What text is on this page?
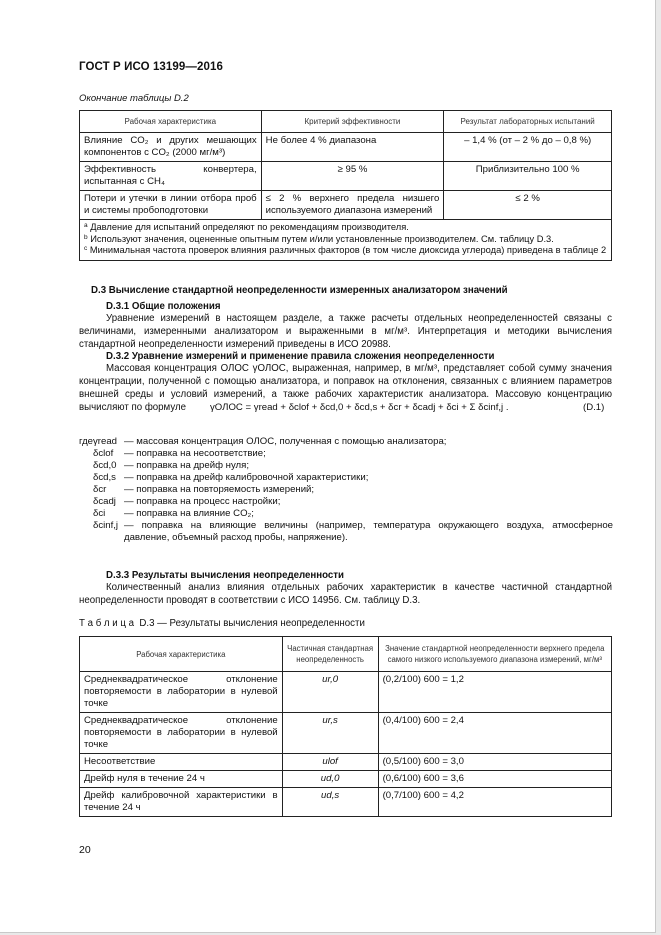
ГОСТ Р ИСО 13199—2016
Окончание таблицы D.2
Рабочая характеристика	Критерий эффективности	Результат лабораторных испытаний
Влияние CO₂ и других мешающих компонентов c CO₂ (2000 мг/м³)	Не более 4 % диапазона	– 1,4 % (от – 2 % до – 0,8 %)
Эффективность конвертера, испытанная с CH₄	≥ 95 %	Приблизительно 100 %
Потери и утечки в линии отбора проб и системы пробоподготовки	≤ 2 % верхнего предела низшего используемого диапазона измерений	≤ 2 %

$^a$ Давление для испытаний определяют по рекомендациям производителя.
$^b$ Используют значения, оцененные опытным путем и/или установленные производителем. См. таблицу D.3.
$^c$ Минимальная частота проверок влияния различных факторов (в том числе диоксида углерода) приведена в таблице 2		
D.3 Вычисление стандартной неопределенности измеренных анализатором значений
D.3.1 Общие положения
Уравнение измерений в настоящем разделе, а также расчеты отдельных неопределенностей связаны с величинами, измеренными анализатором и выраженными в мг/м³. Интерпретация и методики вычисления стандартной неопределенности измерений приведены в ИСО 20988.
D.3.2 Уравнение измерений и применение правила сложения неопределенности
Массовая концентрация ОЛОС γОЛОС, выраженная, например, в мг/м³, представляет собой сумму значения концентрации, полученной с помощью анализатора, и поправок на отклонения, связанных с влиянием параметров внешней среды и условий измерений, а также рабочих характеристик анализатора. Массовую концентрацию вычисляют по формуле	γОЛОС = γread + δclof + δcd,0 + δcd,s + δcr + δcadj + δci + Σ δcinf,j .	(D.1)
где γread — массовая концентрация ОЛОС, полученная с помощью анализатора;
δclof	— поправка на несоответствие;
δcd,0 — поправка на дрейф нуля;
δcd,s — поправка на дрейф калибровочной характеристики;
δcr	— поправка на повторяемость измерений;
δcadj — поправка на процесс настройки;
δci	— поправка на влияние CO₂;
δcinf,j — поправка на влияющие величины (например, температура окружающего воздуха, атмосферное давление, объемный расход пробы, напряжение).
D.3.3 Результаты вычисления неопределенности
Количественный анализ влияния отдельных рабочих характеристик в качестве частичной стандартной неопределенности проводят в соответствии с ИСО 14956. См. таблицу D.3.
Т а б л и ц а  D.3 — Результаты вычисления неопределенности
Рабочая характеристика	Частичная стандартная неопределенность	Значение стандартной неопределенности верхнего предела самого низкого используемого диапазона измерений, мг/м³
Среднеквадратическое отклонение повторяемости в лаборатории в нулевой точке	ur,0	(0,2/100) 600 = 1,2
Среднеквадратическое отклонение повторяемости в лаборатории в нулевой точке	ur,s	(0,4/100) 600 = 2,4
Несоответствие	ulof	(0,5/100) 600 = 3,0
Дрейф нуля в течение 24 ч	ud,0	(0,6/100) 600 = 3,6
Дрейф калибровочной характеристики в течение 24 ч	ud,s	(0,7/100) 600 = 4,2
20
